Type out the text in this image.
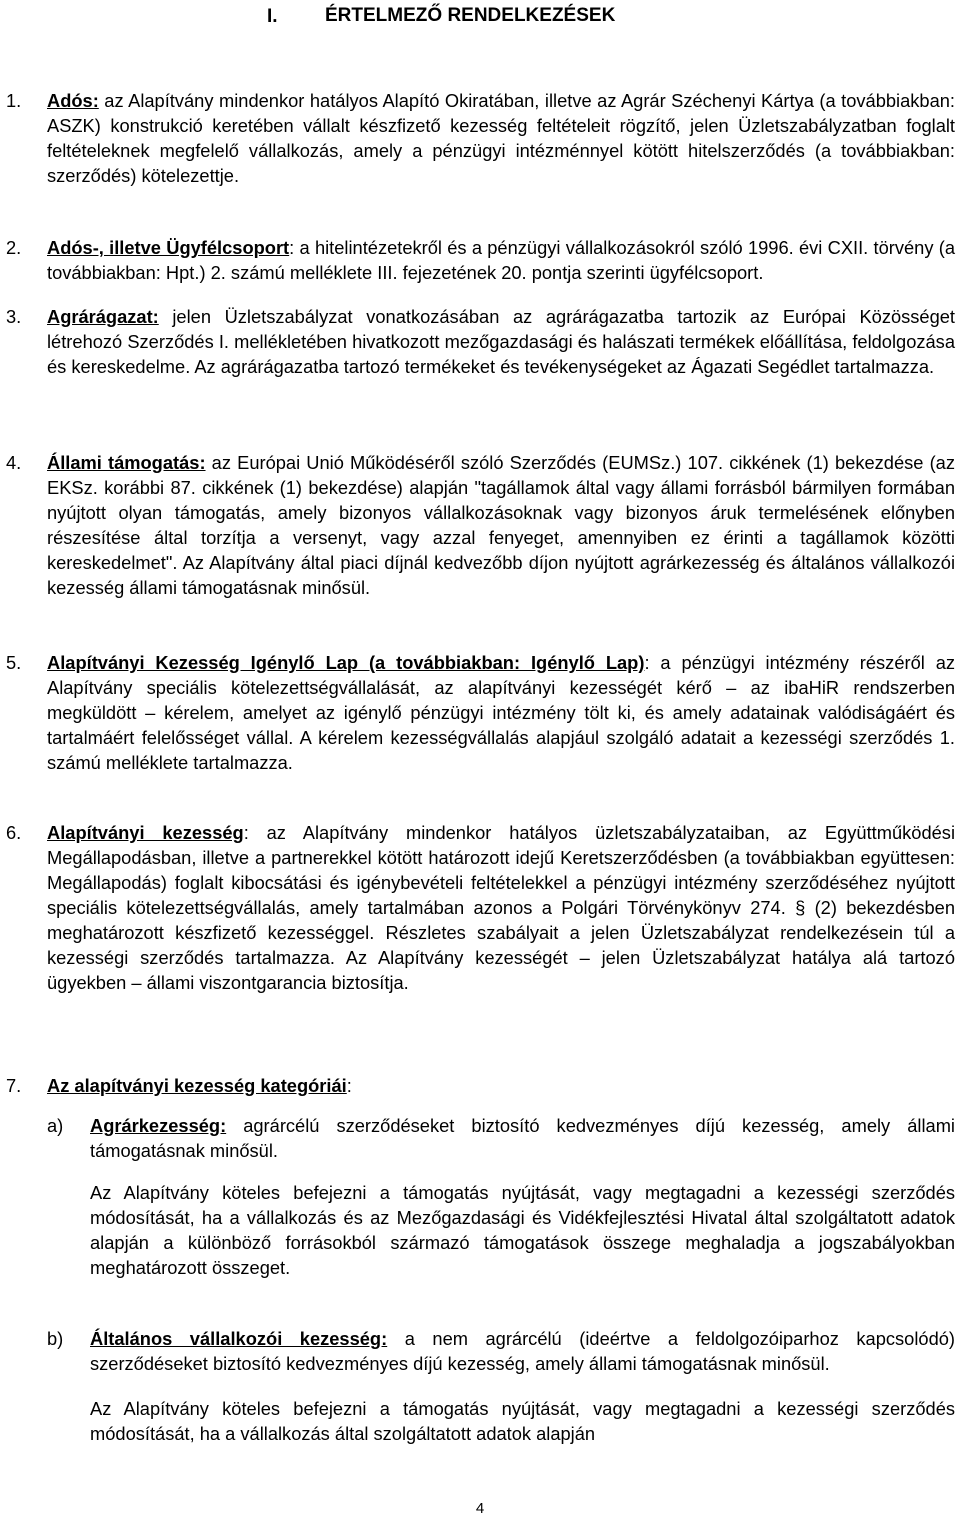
I. ÉRTELMEZŐ RENDELKEZÉSEK
1. Adós: az Alapítvány mindenkor hatályos Alapító Okiratában, illetve az Agrár Széchenyi Kártya (a továbbiakban: ASZK) konstrukció keretében vállalt készfizető kezesség feltételeit rögzítő, jelen Üzletszabályzatban foglalt feltételeknek megfelelő vállalkozás, amely a pénzügyi intézménnyel kötött hitelszerződés (a továbbiakban: szerződés) kötelezettje.
2. Adós-, illetve Ügyfélcsoport: a hitelintézetekről és a pénzügyi vállalkozásokról szóló 1996. évi CXII. törvény (a továbbiakban: Hpt.) 2. számú melléklete III. fejezetének 20. pontja szerinti ügyfélcsoport.
3. Agrárágazat: jelen Üzletszabályzat vonatkozásában az agrárágazatba tartozik az Európai Közösséget létrehozó Szerződés I. mellékletében hivatkozott mezőgazdasági és halászati termékek előállítása, feldolgozása és kereskedelme. Az agrárágazatba tartozó termékeket és tevékenységeket az Ágazati Segédlet tartalmazza.
4. Állami támogatás: az Európai Unió Működéséről szóló Szerződés (EUMSz.) 107. cikkének (1) bekezdése (az EKSz. korábbi 87. cikkének (1) bekezdése) alapján "tagállamok által vagy állami forrásból bármilyen formában nyújtott olyan támogatás, amely bizonyos vállalkozásoknak vagy bizonyos áruk termelésének előnyben részesítése által torzítja a versenyt, vagy azzal fenyeget, amennyiben ez érinti a tagállamok közötti kereskedelmet". Az Alapítvány által piaci díjnál kedvezőbb díjon nyújtott agrárkezesség és általános vállalkozói kezesség állami támogatásnak minősül.
5. Alapítványi Kezesség Igénylő Lap (a továbbiakban: Igénylő Lap): a pénzügyi intézmény részéről az Alapítvány speciális kötelezettségvállalását, az alapítványi kezességét kérő – az ibaHiR rendszerben megküldött – kérelem, amelyet az igénylő pénzügyi intézmény tölt ki, és amely adatainak valódiságáért és tartalmáért felelősséget vállal. A kérelem kezességvállalás alapjául szolgáló adatait a kezességi szerződés 1. számú melléklete tartalmazza.
6. Alapítványi kezesség: az Alapítvány mindenkor hatályos üzletszabályzataiban, az Együttműködési Megállapodásban, illetve a partnerekkel kötött határozott idejű Keretszerződésben (a továbbiakban együttesen: Megállapodás) foglalt kibocsátási és igénybevételi feltételekkel a pénzügyi intézmény szerződéséhez nyújtott speciális kötelezettségvállalás, amely tartalmában azonos a Polgári Törvénykönyv 274. § (2) bekezdésben meghatározott készfizető kezességgel. Részletes szabályait a jelen Üzletszabályzat rendelkezésein túl a kezességi szerződés tartalmazza. Az Alapítvány kezességét – jelen Üzletszabályzat hatálya alá tartozó ügyekben – állami viszontgarancia biztosítja.
7. Az alapítványi kezesség kategóriái:
a) Agrárkezesség: agrárcélú szerződéseket biztosító kedvezményes díjú kezesség, amely állami támogatásnak minősül.
Az Alapítvány köteles befejezni a támogatás nyújtását, vagy megtagadni a kezességi szerződés módosítását, ha a vállalkozás és az Mezőgazdasági és Vidékfejlesztési Hivatal által szolgáltatott adatok alapján a különböző forrásokból származó támogatások összege meghaladja a jogszabályokban meghatározott összeget.
b) Általános vállalkozói kezesség: a nem agrárcélú (ideértve a feldolgozóiparhoz kapcsolódó) szerződéseket biztosító kedvezményes díjú kezesség, amely állami támogatásnak minősül.
Az Alapítvány köteles befejezni a támogatás nyújtását, vagy megtagadni a kezességi szerződés módosítását, ha a vállalkozás által szolgáltatott adatok alapján
4
